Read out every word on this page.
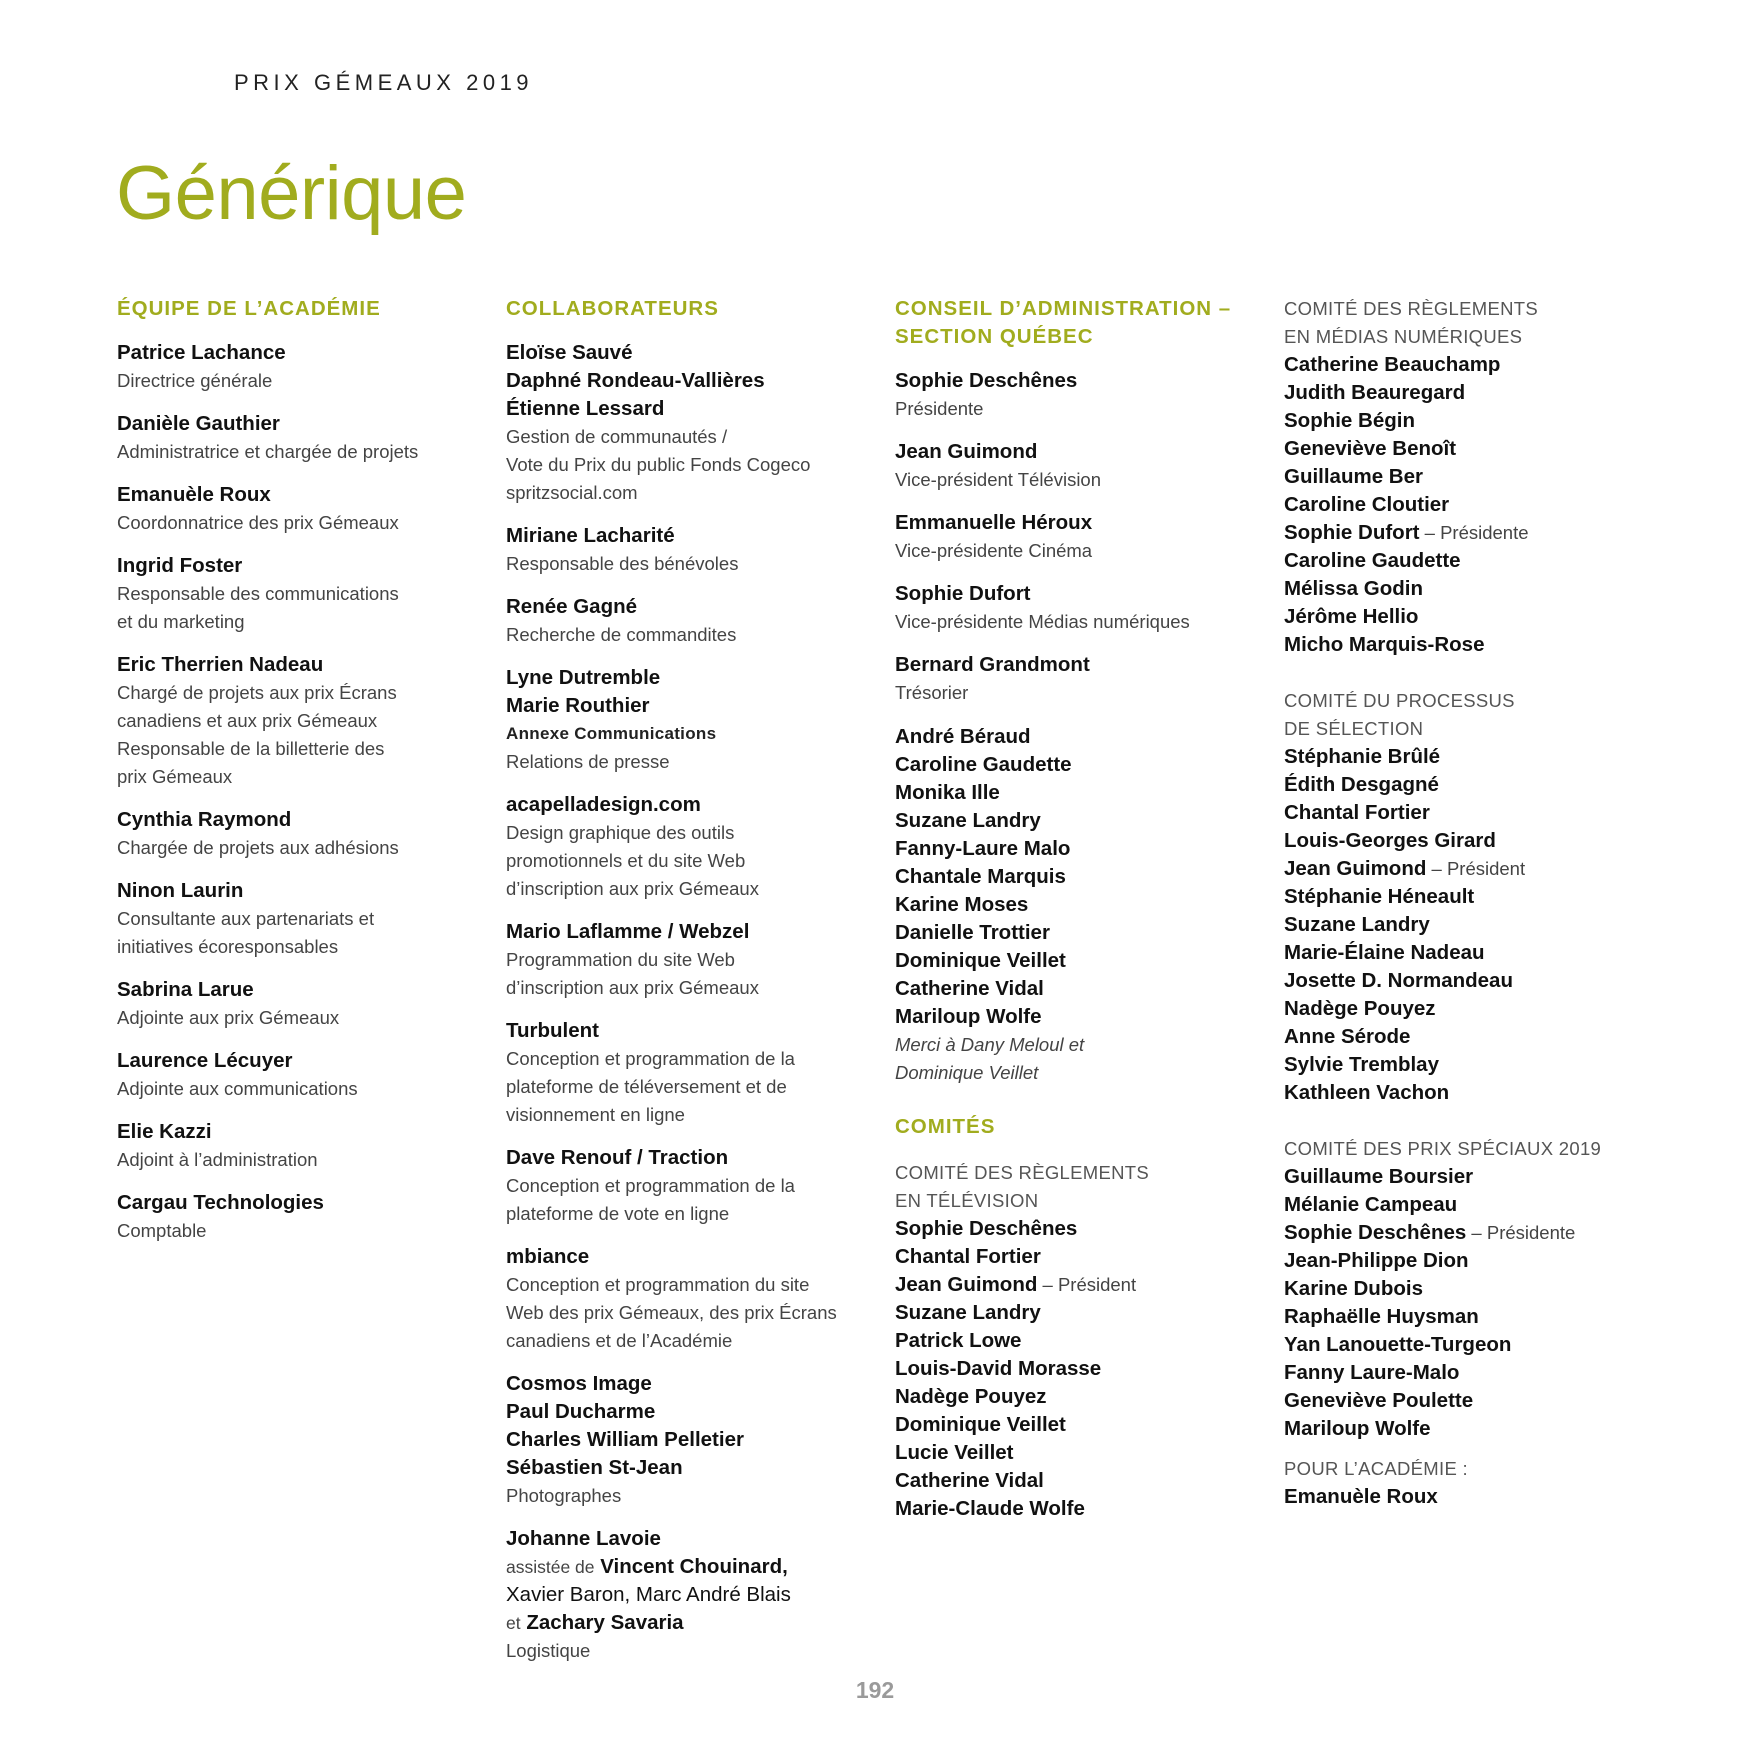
PRIX GÉMEAUX 2019
Générique
ÉQUIPE DE L’ACADÉMIE
Patrice Lachance
Directrice générale
Danièle Gauthier
Administratrice et chargée de projets
Emanuèle Roux
Coordonnatrice des prix Gémeaux
Ingrid Foster
Responsable des communications
et du marketing
Eric Therrien Nadeau
Chargé de projets aux prix Écrans
canadiens et aux prix Gémeaux
Responsable de la billetterie des
prix Gémeaux
Cynthia Raymond
Chargée de projets aux adhésions
Ninon Laurin
Consultante aux partenariats et
initiatives écoresponsables
Sabrina Larue
Adjointe aux prix Gémeaux
Laurence Lécuyer
Adjointe aux communications
Elie Kazzi
Adjoint à l’administration
Cargau Technologies
Comptable
COLLABORATEURS
Eloïse Sauvé
Daphné Rondeau-Vallières
Étienne Lessard
Gestion de communautés /
Vote du Prix du public Fonds Cogeco
spritzsocial.com
Miriane Lacharité
Responsable des bénévoles
Renée Gagné
Recherche de commandites
Lyne Dutremble
Marie Routhier
Annexe Communications
Relations de presse
acapelladesign.com
Design graphique des outils
promotionnels et du site Web
d’inscription aux prix Gémeaux
Mario Laflamme / Webzel
Programmation du site Web
d’inscription aux prix Gémeaux
Turbulent
Conception et programmation de la
plateforme de téléversement et de
visionnement en ligne
Dave Renouf / Traction
Conception et programmation de la
plateforme de vote en ligne
mbiance
Conception et programmation du site
Web des prix Gémeaux, des prix Écrans
canadiens et de l’Académie
Cosmos Image
Paul Ducharme
Charles William Pelletier
Sébastien St-Jean
Photographes
Johanne Lavoie
assistée de Vincent Chouinard,
Xavier Baron, Marc André Blais
et Zachary Savaria
Logistique
CONSEIL D’ADMINISTRATION –
SECTION QUÉBEC
Sophie Deschênes
Présidente
Jean Guimond
Vice-président Télévision
Emmanuelle Héroux
Vice-présidente Cinéma
Sophie Dufort
Vice-présidente Médias numériques
Bernard Grandmont
Trésorier
André Béraud
Caroline Gaudette
Monika Ille
Suzane Landry
Fanny-Laure Malo
Chantale Marquis
Karine Moses
Danielle Trottier
Dominique Veillet
Catherine Vidal
Mariloup Wolfe
Merci à Dany Meloul et
Dominique Veillet
COMITÉS
COMITÉ DES RÈGLEMENTS
EN TÉLÉVISION
Sophie Deschênes
Chantal Fortier
Jean Guimond – Président
Suzane Landry
Patrick Lowe
Louis-David Morasse
Nadège Pouyez
Dominique Veillet
Lucie Veillet
Catherine Vidal
Marie-Claude Wolfe
COMITÉ DES RÈGLEMENTS
EN MÉDIAS NUMÉRIQUES
Catherine Beauchamp
Judith Beauregard
Sophie Bégin
Geneviève Benoît
Guillaume Ber
Caroline Cloutier
Sophie Dufort – Présidente
Caroline Gaudette
Mélissa Godin
Jérôme Hellio
Micho Marquis-Rose
COMITÉ DU PROCESSUS
DE SÉLECTION
Stéphanie Brûlé
Édith Desgagné
Chantal Fortier
Louis-Georges Girard
Jean Guimond – Président
Stéphanie Héneault
Suzane Landry
Marie-Élaine Nadeau
Josette D. Normandeau
Nadège Pouyez
Anne Sérode
Sylvie Tremblay
Kathleen Vachon
COMITÉ DES PRIX SPÉCIAUX 2019
Guillaume Boursier
Mélanie Campeau
Sophie Deschênes – Présidente
Jean-Philippe Dion
Karine Dubois
Raphaëlle Huysman
Yan Lanouette-Turgeon
Fanny Laure-Malo
Geneviève Poulette
Mariloup Wolfe
POUR L’ACADÉMIE :
Emanuèle Roux
192
